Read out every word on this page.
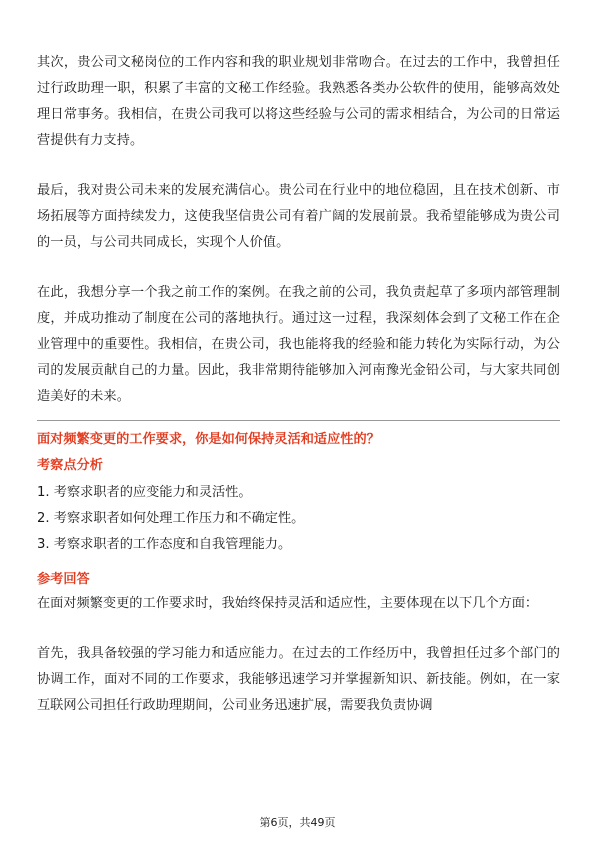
其次，贵公司文秘岗位的工作内容和我的职业规划非常吻合。在过去的工作中，我曾担任过行政助理一职，积累了丰富的文秘工作经验。我熟悉各类办公软件的使用，能够高效处理日常事务。我相信，在贵公司我可以将这些经验与公司的需求相结合，为公司的日常运营提供有力支持。

最后，我对贵公司未来的发展充满信心。贵公司在行业中的地位稳固，且在技术创新、市场拓展等方面持续发力，这使我坚信贵公司有着广阔的发展前景。我希望能够成为贵公司的一员，与公司共同成长，实现个人价值。

在此，我想分享一个我之前工作的案例。在我之前的公司，我负责起草了多项内部管理制度，并成功推动了制度在公司的落地执行。通过这一过程，我深刻体会到了文秘工作在企业管理中的重要性。我相信，在贵公司，我也能将我的经验和能力转化为实际行动，为公司的发展贡献自己的力量。因此，我非常期待能够加入河南豫光金铅公司，与大家共同创造美好的未来。

面对频繁变更的工作要求，你是如何保持灵活和适应性的？

考察点分析

1. 考察求职者的应变能力和灵活性。

2. 考察求职者如何处理工作压力和不确定性。

3. 考察求职者的工作态度和自我管理能力。

参考回答

在面对频繁变更的工作要求时，我始终保持灵活和适应性，主要体现在以下几个方面：

首先，我具备较强的学习能力和适应能力。在过去的工作经历中，我曾担任过多个部门的协调工作，面对不同的工作要求，我能够迅速学习并掌握新知识、新技能。例如，在一家互联网公司担任行政助理期间，公司业务迅速扩展，需要我负责协调

第6页，共49页
